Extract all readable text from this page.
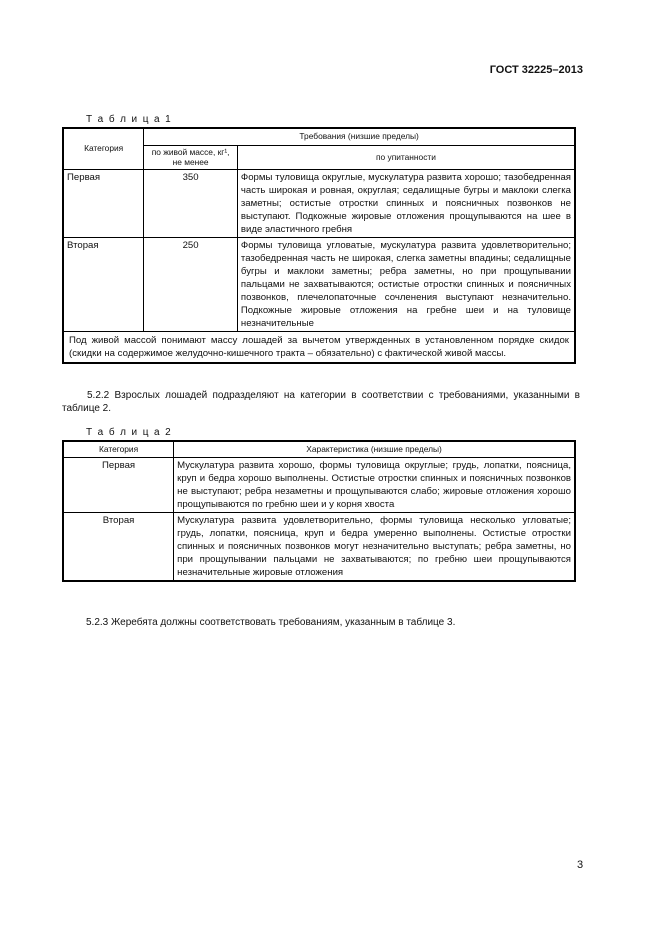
ГОСТ 32225–2013
Т а б л и ц а 1
Категория	Требования (низшие пределы)	
	по живой массе, кг¹, не менее	по упитанности
Первая	350	Формы туловища округлые, мускулатура развита хорошо; тазобедренная часть широкая и ровная, округлая; седалищные бугры и маклоки слегка заметны; остистые отростки спинных и поясничных позвонков не выступают. Подкожные жировые отложения прощупываются на шее в виде эластичного гребня
Вторая	250	Формы туловища угловатые, мускулатура развита удовлетворительно; тазобедренная часть не широкая, слегка заметны впадины; седалищные бугры и маклоки заметны; ребра заметны, но при прощупывании пальцами не захватываются; остистые отростки спинных и поясничных позвонков, плечелопаточные сочленения выступают незначительно. Подкожные жировые отложения на гребне шеи и на туловище незначительные
Под живой массой понимают массу лошадей за вычетом утвержденных в установленном порядке скидок (скидки на содержимое желудочно-кишечного тракта – обязательно) с фактической живой массы.		
5.2.2 Взрослых лошадей подразделяют на категории в соответствии с требованиями, указанными в таблице 2.
Т а б л и ц а 2
Категория	Характеристика (низшие пределы)
Первая	Мускулатура развита хорошо, формы туловища округлые; грудь, лопатки, поясница, круп и бедра хорошо выполнены. Остистые отростки спинных и поясничных позвонков не выступают; ребра незаметны и прощупываются слабо; жировые отложения хорошо прощупываются по гребню шеи и у корня хвоста
Вторая	Мускулатура развита удовлетворительно, формы туловища несколько угловатые; грудь, лопатки, поясница, круп и бедра умеренно выполнены. Остистые отростки спинных и поясничных позвонков могут незначительно выступать; ребра заметны, но при прощупывании пальцами не захватываются; по гребню шеи прощупываются незначительные жировые отложения
5.2.3 Жеребята должны соответствовать требованиям, указанным в таблице 3.
3
